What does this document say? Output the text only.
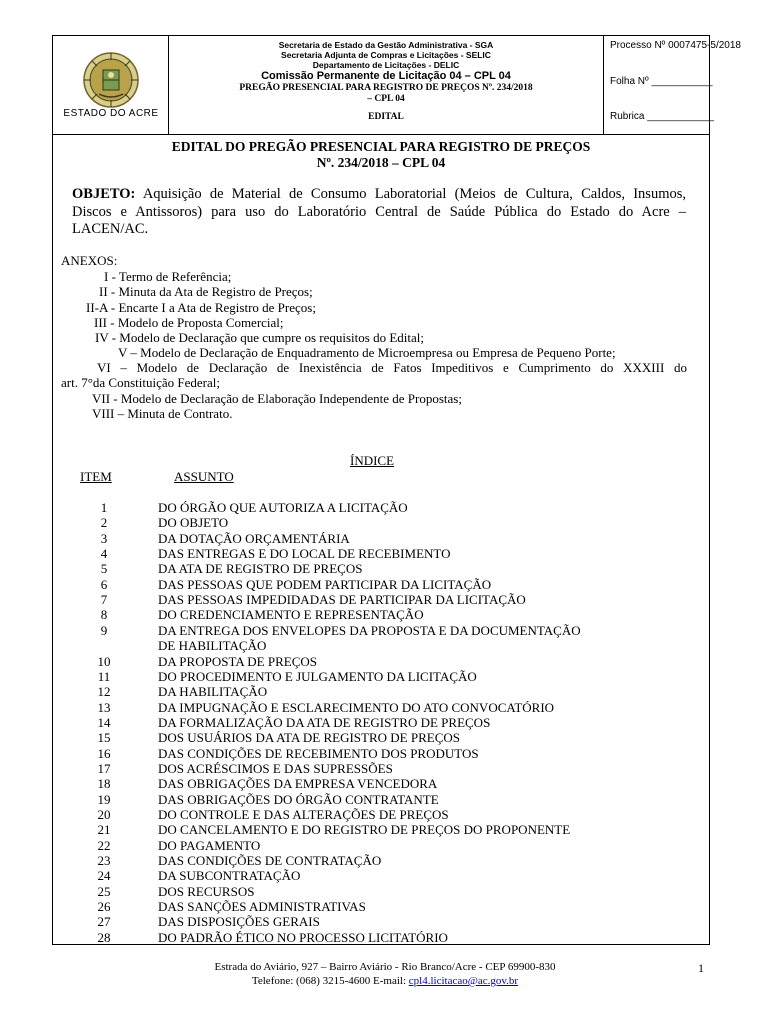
ESTADO DO ACRE
Secretaria de Estado da Gestão Administrativa - SGA
Secretaria Adjunta de Compras e Licitações - SELIC
Departamento de Licitações - DELIC
Comissão Permanente de Licitação 04 – CPL 04
PREGÃO PRESENCIAL PARA REGISTRO DE PREÇOS Nº. 234/2018
– CPL 04
EDITAL
Processo Nº 0007475-5/2018
Folha Nº ___________
Rubrica ____________
EDITAL DO PREGÃO PRESENCIAL PARA REGISTRO DE PREÇOS
Nº. 234/2018 – CPL 04
OBJETO: Aquisição de Material de Consumo Laboratorial (Meios de Cultura, Caldos, Insumos,
Discos e Antissoros) para uso do Laboratório Central de Saúde Pública do Estado do Acre –
LACEN/AC.
ANEXOS:
I - Termo de Referência;
II - Minuta da Ata de Registro de Preços;
II-A - Encarte I a Ata de Registro de Preços;
III - Modelo de Proposta Comercial;
IV - Modelo de Declaração que cumpre os requisitos do Edital;
V – Modelo de Declaração de Enquadramento de Microempresa ou Empresa de Pequeno Porte;
VI – Modelo de Declaração de Inexistência de Fatos Impeditivos e Cumprimento do XXXIII do
art. 7°da Constituição Federal;
VII - Modelo de Declaração de Elaboração Independente de Propostas;
VIII – Minuta de Contrato.
ÍNDICE
ITEM	ASSUNTO
1	DO ÓRGÃO QUE AUTORIZA A LICITAÇÃO
2	DO OBJETO
3	DA DOTAÇÃO ORÇAMENTÁRIA
4	DAS ENTREGAS E DO LOCAL DE RECEBIMENTO
5	DA ATA DE REGISTRO DE PREÇOS
6	DAS PESSOAS QUE PODEM PARTICIPAR DA LICITAÇÃO
7	DAS PESSOAS IMPEDIDADAS DE PARTICIPAR DA LICITAÇÃO
8	DO CREDENCIAMENTO E REPRESENTAÇÃO
9	DA ENTREGA DOS ENVELOPES DA PROPOSTA E DA DOCUMENTAÇÃO
DE HABILITAÇÃO
10	DA PROPOSTA DE PREÇOS
11	DO PROCEDIMENTO E JULGAMENTO DA LICITAÇÃO
12	DA HABILITAÇÃO
13	DA IMPUGNAÇÃO E ESCLARECIMENTO DO ATO CONVOCATÓRIO
14	DA FORMALIZAÇÃO DA ATA DE REGISTRO DE PREÇOS
15	DOS USUÁRIOS DA ATA DE REGISTRO DE PREÇOS
16	DAS CONDIÇÕES DE RECEBIMENTO DOS PRODUTOS
17	DOS ACRÉSCIMOS E DAS SUPRESSÕES
18	DAS OBRIGAÇÕES DA EMPRESA VENCEDORA
19	DAS OBRIGAÇÕES DO ÓRGÃO CONTRATANTE
20	DO CONTROLE E DAS ALTERAÇÕES DE PREÇOS
21	DO CANCELAMENTO E DO REGISTRO DE PREÇOS DO PROPONENTE
22	DO PAGAMENTO
23	DAS CONDIÇÕES DE CONTRATAÇÃO
24	DA SUBCONTRATAÇÃO
25	DOS RECURSOS
26	DAS SANÇÕES ADMINISTRATIVAS
27	DAS DISPOSIÇÕES GERAIS
28	DO PADRÃO ÉTICO NO PROCESSO LICITATÓRIO
Estrada do Aviário, 927 – Bairro Aviário - Rio Branco/Acre - CEP 69900-830
Telefone: (068) 3215-4600 E-mail: cpl4.licitacao@ac.gov.br
1
